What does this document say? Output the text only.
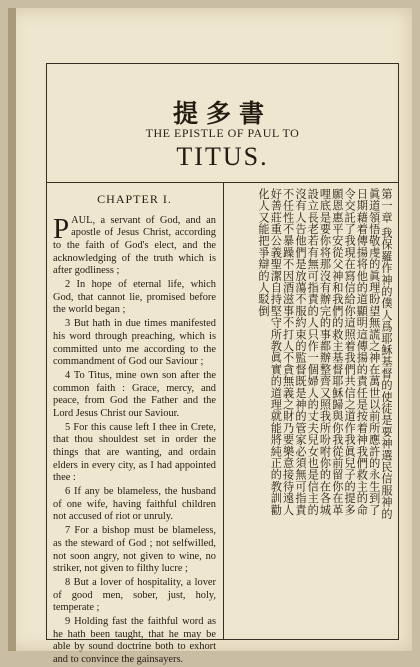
提多書
THE EPISTLE OF PAUL TO
TITUS.
CHAPTER I.
PAUL, a servant of God, and an apostle of Jesus Christ, according to the faith of God's elect, and the acknowledging of the truth which is after godliness ;
2 In hope of eternal life, which God, that cannot lie, promised before the world began ;
3 But hath in due times manifested his word through preaching, which is committed unto me according to the commandment of God our Saviour ;
4 To Titus, mine own son after the common faith : Grace, mercy, and peace, from God the Father and the Lord Jesus Christ our Saviour.
5 For this cause left I thee in Crete, that thou shouldest set in order the things that are wanting, and ordain elders in every city, as I had appointed thee :
6 If any be blameless, the husband of one wife, having faithful children not accused of riot or unruly.
7 For a bishop must be blameless, as the steward of God ; not selfwilled, not soon angry, not given to wine, no striker, not given to filthy lucre ;
8 But a lover of hospitality, a lover of good men, sober, just, holy, temperate ;
9 Holding fast the faithful word as he hath been taught, that he may be able by sound doctrine both to exhort and to convince the gainsayers.
第一章 我保羅作神的僕人爲耶穌基督的使徒是要神選民信服神的眞道領悟敬虔的眞理盼望無謊之神在萬世以前所應許的永生到了日期藉着傳揚将他的道顯明這傳揚的責任是按着神我們救主的命令交託了我現在寫信給你這照着我們共信之道作我眞兒子的提多願恩惠平安從父神和我們的救主基督耶穌歸與你我從前留你在革哩底是要你将那沒有辦完的事都辦整齊又照我所吩咐你的在各城設立長老若有無可指責的人只作一個婦人的丈夫兒女也是信主的沒有人告他們是放蕩不服約束的監督既是神的管家必須無可指責不任性不暴躁不因酒滋事不打人不貪無義之財乃要樂意接待遠人好善莊重公義聖潔自持堅守所教眞實的道理就能將純正的教訓勸化人又能把爭辯的人駁倒
